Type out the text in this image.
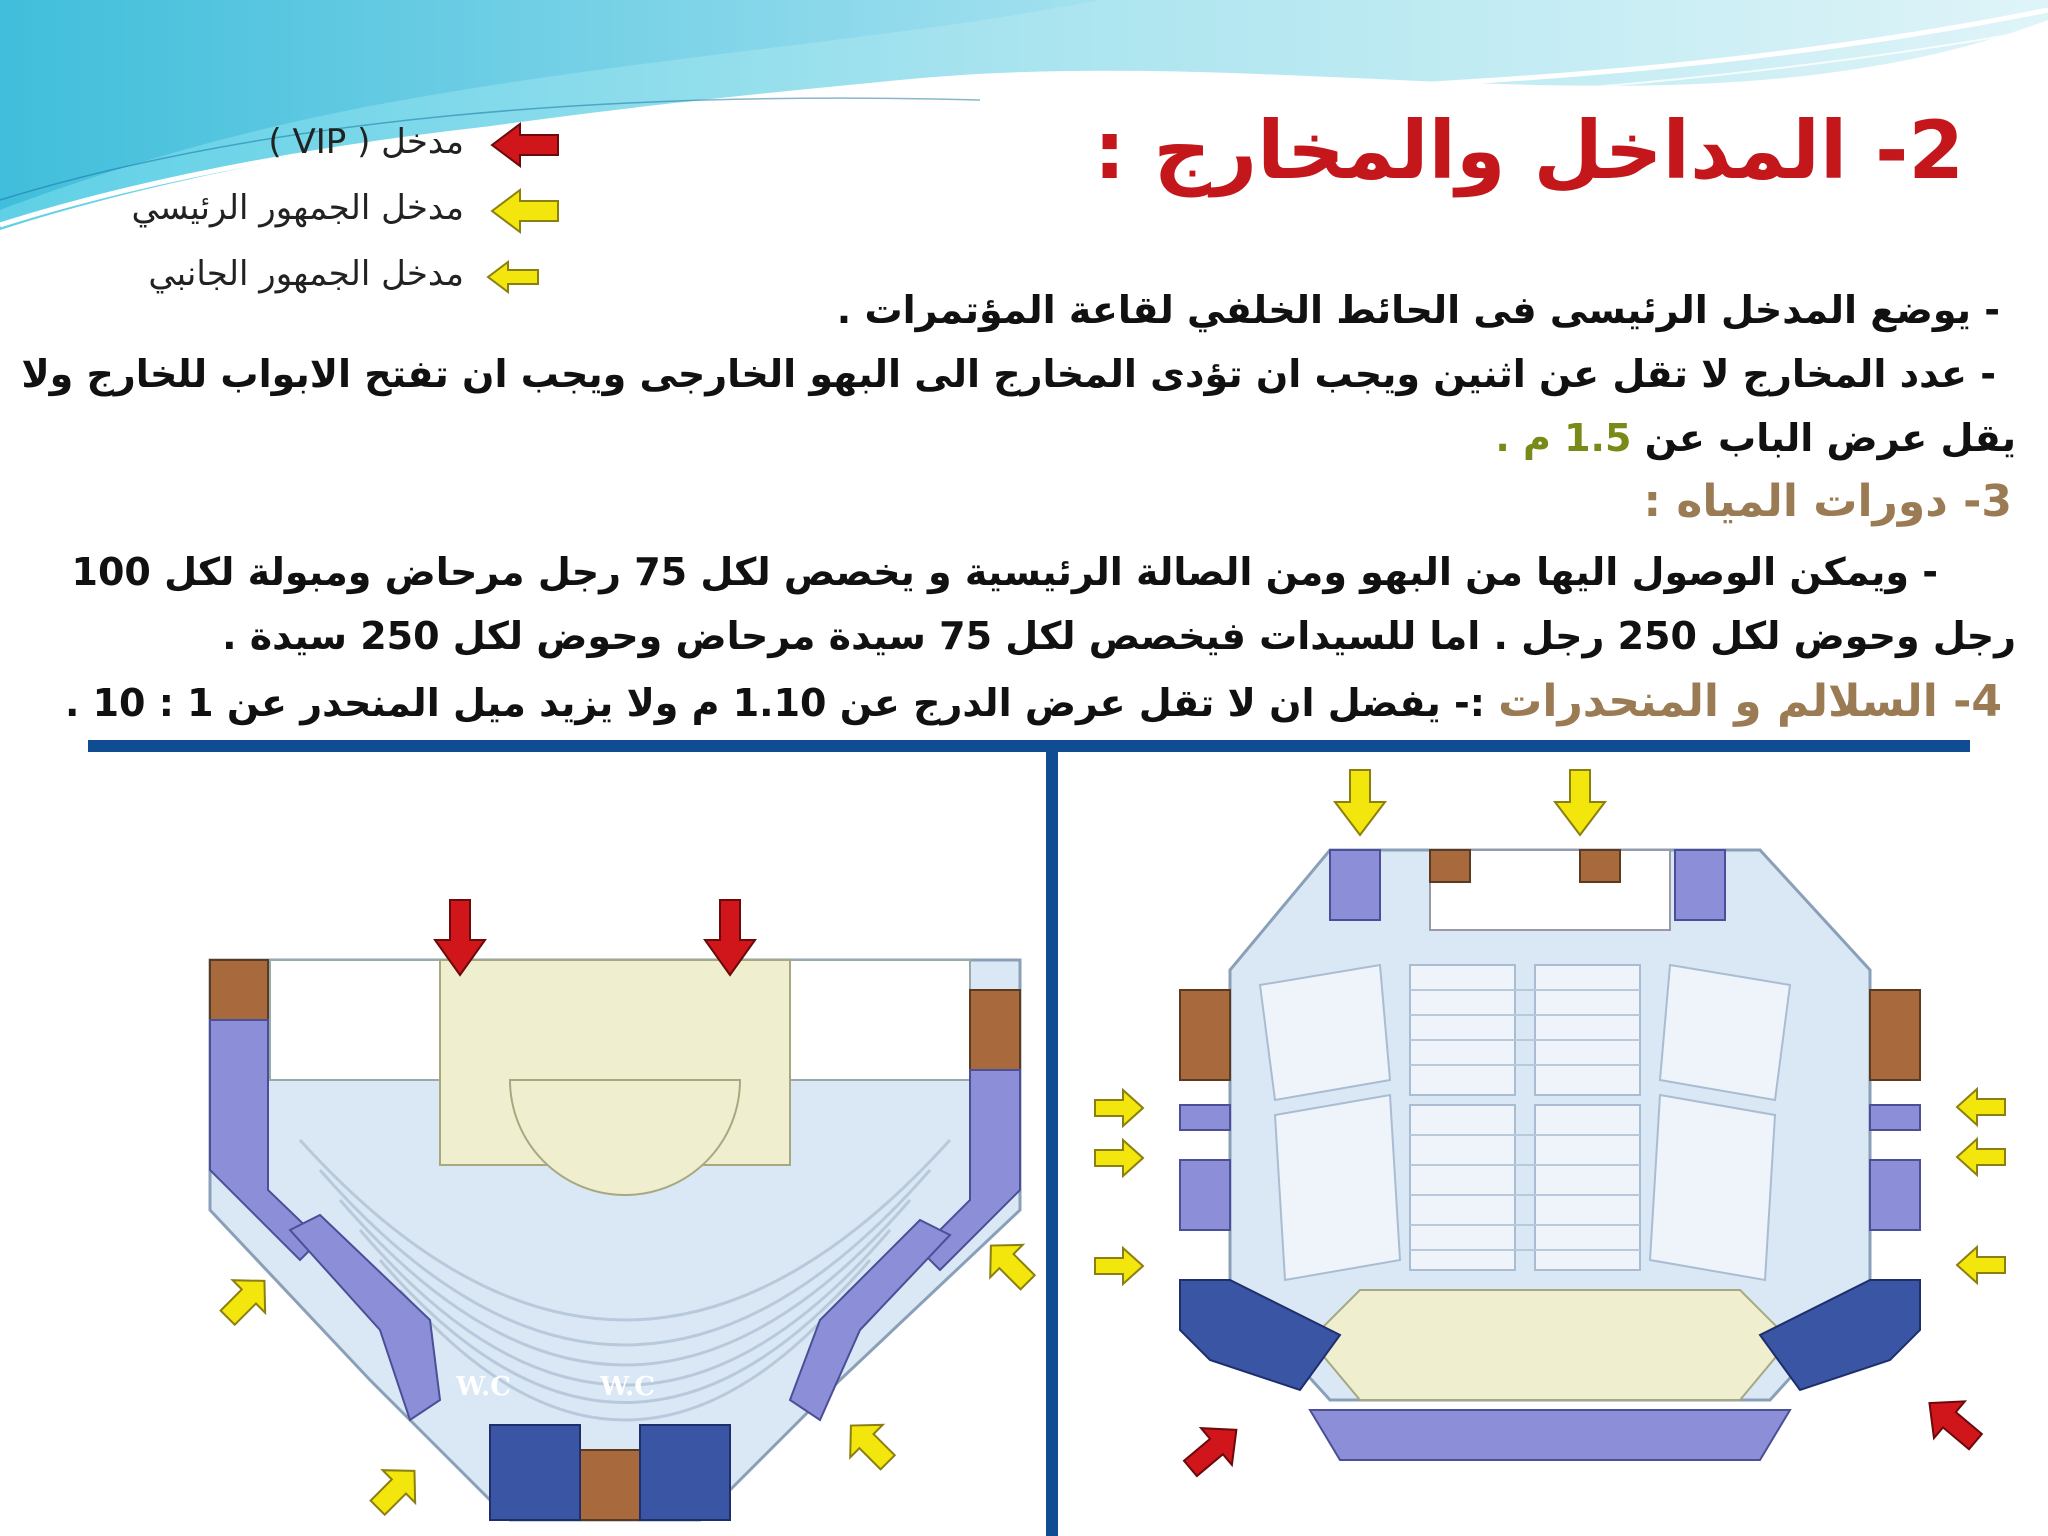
2- المداخل والمخارج :
مدخل ( VIP )
مدخل الجمهور الرئيسي
مدخل الجمهور الجانبي
- يوضع المدخل الرئيسى فى الحائط الخلفي لقاعة المؤتمرات .
- عدد المخارج لا تقل عن اثنين ويجب ان تؤدى المخارج الى البهو الخارجى ويجب ان تفتح الابواب للخارج ولا
يقل عرض الباب عن 1.5 م .
3- دورات المياه :
- ويمكن الوصول اليها من البهو ومن الصالة الرئيسية و يخصص لكل 75 رجل مرحاض ومبولة لكل 100
رجل وحوض لكل 250 رجل . اما للسيدات فيخصص لكل 75 سيدة مرحاض وحوض لكل 250 سيدة .
4- السلالم و المنحدرات :- يفضل ان لا تقل عرض الدرج عن 1.10 م ولا يزيد ميل المنحدر عن 1 : 10 .
W.C	W.C
